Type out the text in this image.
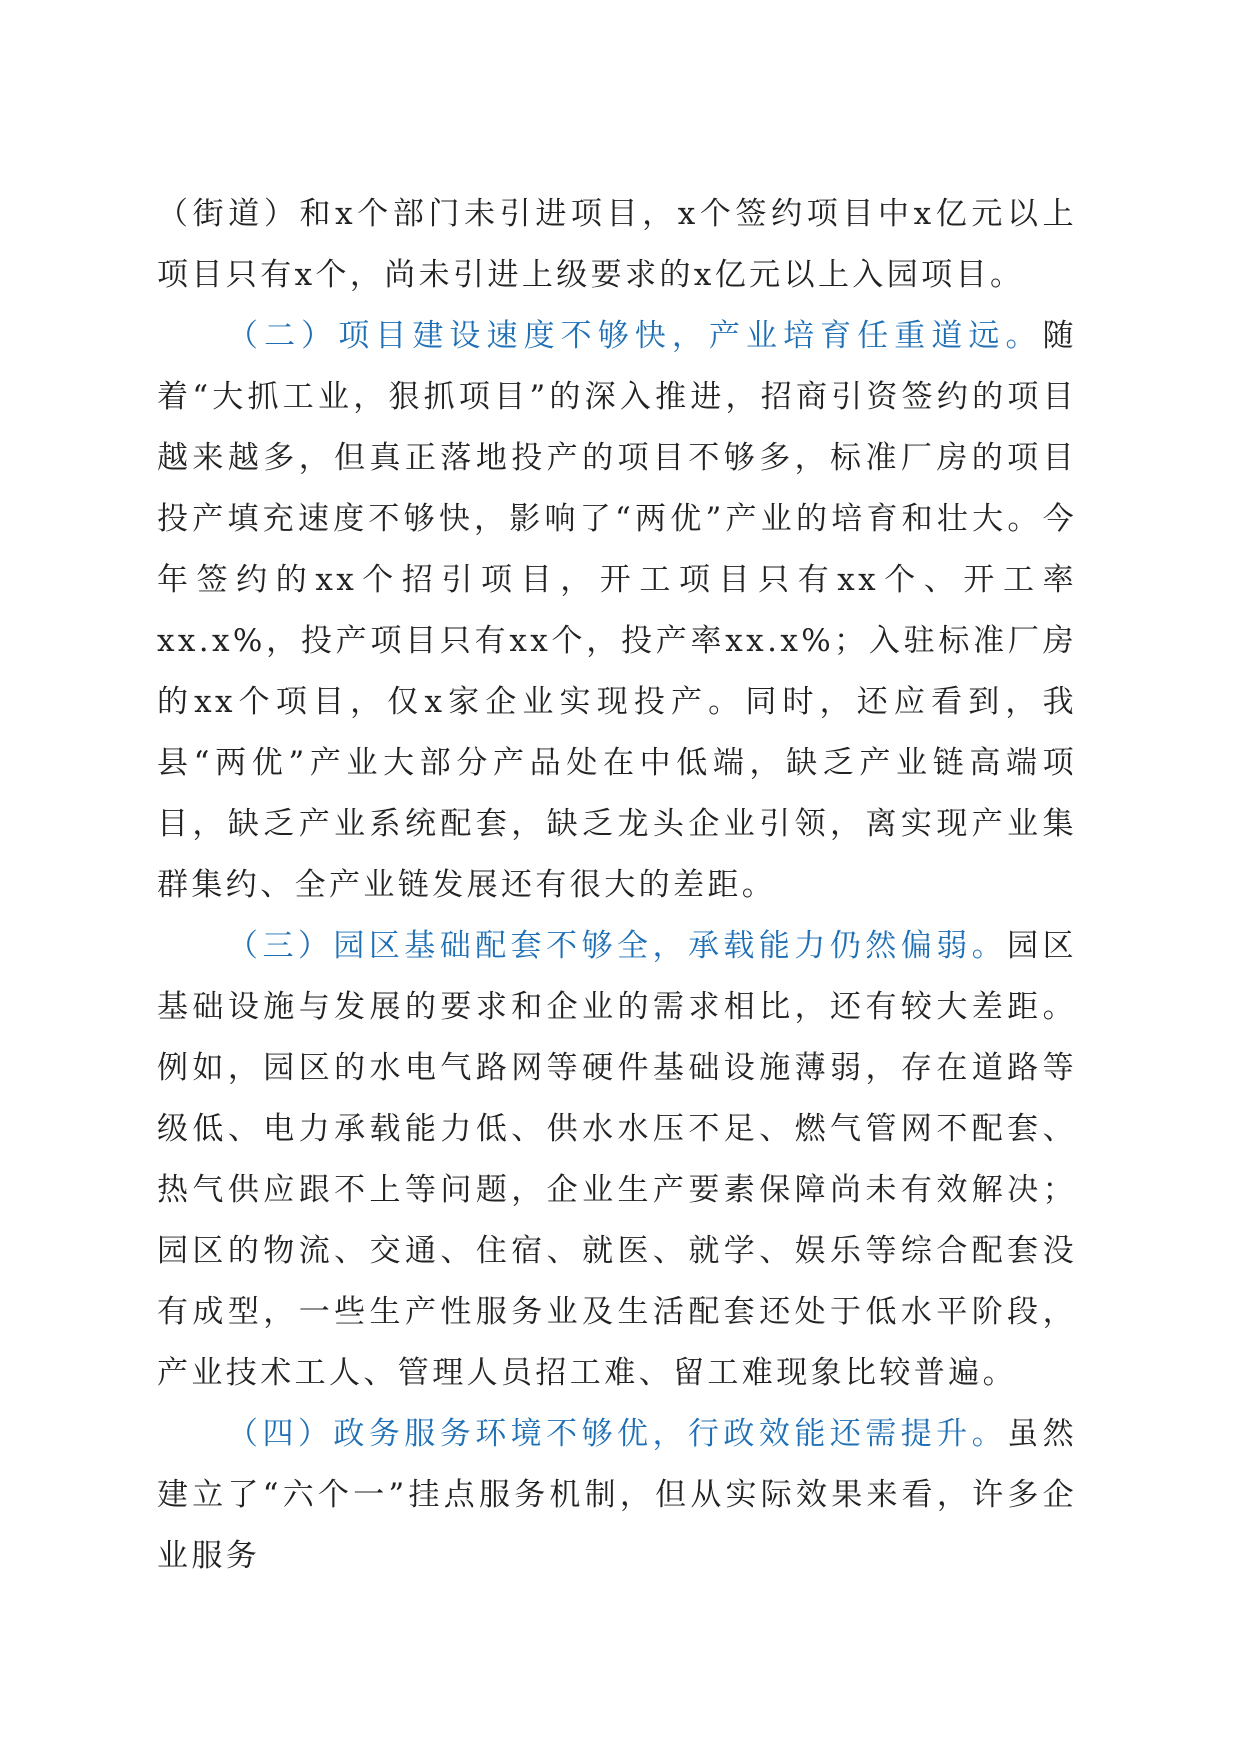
（街道）和x个部门未引进项目，x个签约项目中x亿元以上项目只有x个，尚未引进上级要求的x亿元以上入园项目。

（二）项目建设速度不够快，产业培育任重道远。随着“大抓工业，狠抓项目”的深入推进，招商引资签约的项目越来越多，但真正落地投产的项目不够多，标准厂房的项目投产填充速度不够快，影响了“两优”产业的培育和壮大。今年签约的xx个招引项目，开工项目只有xx个、开工率xx.x%，投产项目只有xx个，投产率xx.x%；入驻标准厂房的xx个项目，仅x家企业实现投产。同时，还应看到，我县“两优”产业大部分产品处在中低端，缺乏产业链高端项目，缺乏产业系统配套，缺乏龙头企业引领，离实现产业集群集约、全产业链发展还有很大的差距。

（三）园区基础配套不够全，承载能力仍然偏弱。园区基础设施与发展的要求和企业的需求相比，还有较大差距。例如，园区的水电气路网等硬件基础设施薄弱，存在道路等级低、电力承载能力低、供水水压不足、燃气管网不配套、热气供应跟不上等问题，企业生产要素保障尚未有效解决；园区的物流、交通、住宿、就医、就学、娱乐等综合配套没有成型，一些生产性服务业及生活配套还处于低水平阶段，产业技术工人、管理人员招工难、留工难现象比较普遍。

（四）政务服务环境不够优，行政效能还需提升。虽然建立了“六个一”挂点服务机制，但从实际效果来看，许多企业服务
